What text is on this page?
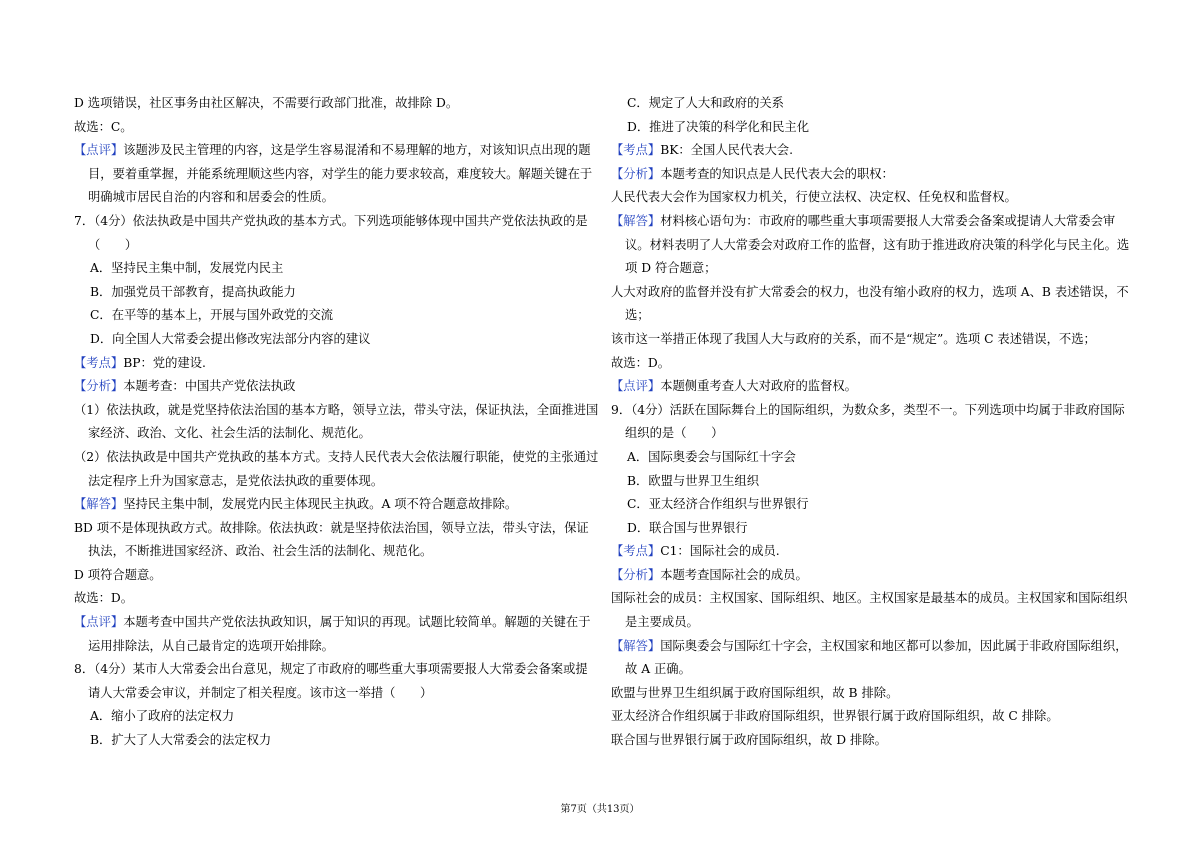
D 选项错误，社区事务由社区解决，不需要行政部门批准，故排除 D。
故选：C。
【点评】该题涉及民主管理的内容，这是学生容易混淆和不易理解的地方，对该知识点出现的题
目，要着重掌握，并能系统理顺这些内容，对学生的能力要求较高，难度较大。解题关键在于
明确城市居民自治的内容和和居委会的性质。
7．（4分）依法执政是中国共产党执政的基本方式。下列选项能够体现中国共产党依法执政的是
（　　）
A．坚持民主集中制，发展党内民主
B．加强党员干部教育，提高执政能力
C．在平等的基本上，开展与国外政党的交流
D．向全国人大常委会提出修改宪法部分内容的建议
【考点】BP：党的建设.
【分析】本题考查：中国共产党依法执政
（1）依法执政，就是党坚持依法治国的基本方略，领导立法，带头守法，保证执法，全面推进国
家经济、政治、文化、社会生活的法制化、规范化。
（2）依法执政是中国共产党执政的基本方式。支持人民代表大会依法履行职能，使党的主张通过
法定程序上升为国家意志，是党依法执政的重要体现。
【解答】坚持民主集中制，发展党内民主体现民主执政。A 项不符合题意故排除。
BD 项不是体现执政方式。故排除。依法执政：就是坚持依法治国，领导立法，带头守法，保证
执法，不断推进国家经济、政治、社会生活的法制化、规范化。
D 项符合题意。
故选：D。
【点评】本题考查中国共产党依法执政知识，属于知识的再现。试题比较简单。解题的关键在于
运用排除法，从自己最肯定的选项开始排除。
8．（4分）某市人大常委会出台意见，规定了市政府的哪些重大事项需要报人大常委会备案或提
请人大常委会审议，并制定了相关程度。该市这一举措（　　）
A．缩小了政府的法定权力
B．扩大了人大常委会的法定权力
C．规定了人大和政府的关系
D．推进了决策的科学化和民主化
【考点】BK：全国人民代表大会.
【分析】本题考查的知识点是人民代表大会的职权：
人民代表大会作为国家权力机关，行使立法权、决定权、任免权和监督权。
【解答】材料核心语句为：市政府的哪些重大事项需要报人大常委会备案或提请人大常委会审
议。材料表明了人大常委会对政府工作的监督，这有助于推进政府决策的科学化与民主化。选
项 D 符合题意；
人大对政府的监督并没有扩大常委会的权力，也没有缩小政府的权力，选项 A、B 表述错误，不
选；
该市这一举措正体现了我国人大与政府的关系，而不是“规定”。选项 C 表述错误，不选；
故选：D。
【点评】本题侧重考查人大对政府的监督权。
9．（4分）活跃在国际舞台上的国际组织，为数众多，类型不一。下列选项中均属于非政府国际
组织的是（　　）
A．国际奥委会与国际红十字会
B．欧盟与世界卫生组织
C．亚太经济合作组织与世界银行
D．联合国与世界银行
【考点】C1：国际社会的成员.
【分析】本题考查国际社会的成员。
国际社会的成员：主权国家、国际组织、地区。主权国家是最基本的成员。主权国家和国际组织
是主要成员。
【解答】国际奥委会与国际红十字会，主权国家和地区都可以参加，因此属于非政府国际组织，
故 A 正确。
欧盟与世界卫生组织属于政府国际组织，故 B 排除。
亚太经济合作组织属于非政府国际组织，世界银行属于政府国际组织，故 C 排除。
联合国与世界银行属于政府国际组织，故 D 排除。
第7页（共13页）
